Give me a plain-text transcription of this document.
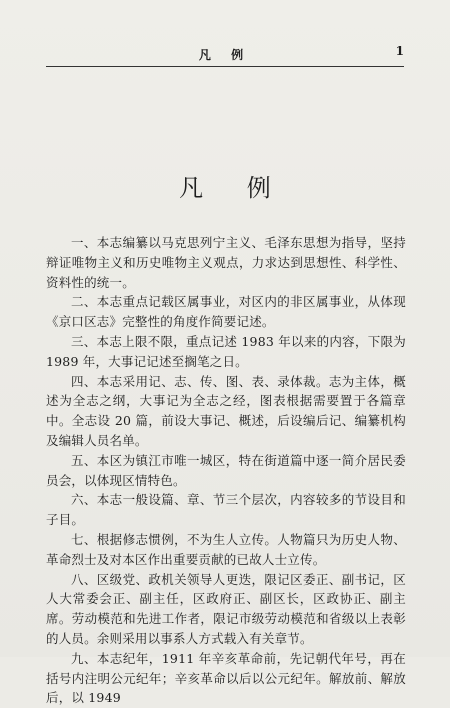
凡 例	1
凡 例

一、本志编纂以马克思列宁主义、毛泽东思想为指导，坚持辩证唯物主义和历史唯物主义观点，力求达到思想性、科学性、资料性的统一。

二、本志重点记载区属事业，对区内的非区属事业，从体现《京口区志》完整性的角度作简要记述。

三、本志上限不限，重点记述 1983 年以来的内容，下限为 1989 年，大事记记述至搁笔之日。

四、本志采用记、志、传、图、表、录体裁。志为主体，概述为全志之纲，大事记为全志之经，图表根据需要置于各篇章中。全志设 20 篇，前设大事记、概述，后设编后记、编纂机构及编辑人员名单。

五、本区为镇江市唯一城区，特在街道篇中逐一简介居民委员会，以体现区情特色。

六、本志一般设篇、章、节三个层次，内容较多的节设目和子目。

七、根据修志惯例，不为生人立传。人物篇只为历史人物、革命烈士及对本区作出重要贡献的已故人士立传。

八、区级党、政机关领导人更迭，限记区委正、副书记，区人大常委会正、副主任，区政府正、副区长，区政协正、副主席。劳动模范和先进工作者，限记市级劳动模范和省级以上表彰的人员。余则采用以事系人方式载入有关章节。

九、本志纪年，1911 年辛亥革命前，先记朝代年号，再在括号内注明公元纪年；辛亥革命以后以公元纪年。解放前、解放后，以 1949
